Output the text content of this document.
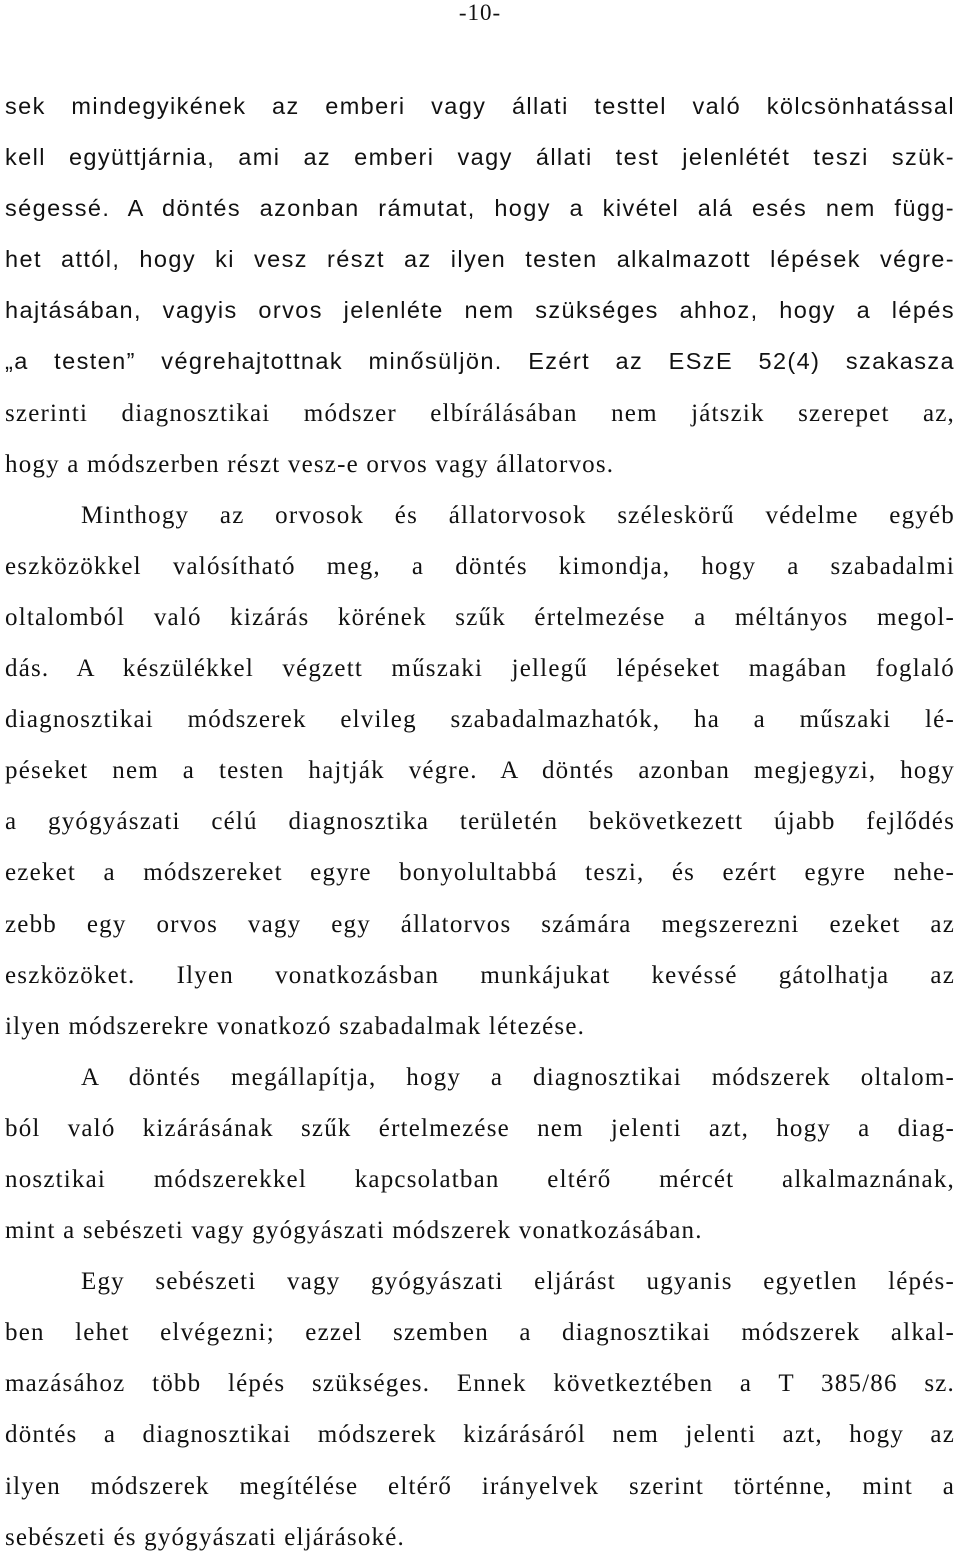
-10-
sek mindegyikének az emberi vagy állati testtel való kölcsönhatással
kell együttjárnia, ami az emberi vagy állati test jelenlétét teszi szük-
ségessé. A döntés azonban rámutat, hogy a kivétel alá esés nem függ-
het attól, hogy ki vesz részt az ilyen testen alkalmazott lépések végre-
hajtásában, vagyis orvos jelenléte nem szükséges ahhoz, hogy a lépés
„a testen” végrehajtottnak minősüljön. Ezért az ESzE 52(4) szakasza
szerinti diagnosztikai módszer elbírálásában nem játszik szerepet az,
hogy a módszerben részt vesz-e orvos vagy állatorvos.
Minthogy az orvosok és állatorvosok széleskörű védelme egyéb
eszközökkel valósítható meg, a döntés kimondja, hogy a szabadalmi
oltalomból való kizárás körének szűk értelmezése a méltányos megol-
dás. A készülékkel végzett műszaki jellegű lépéseket magában foglaló
diagnosztikai módszerek elvileg szabadalmazhatók, ha a műszaki lé-
péseket nem a testen hajtják végre. A döntés azonban megjegyzi, hogy
a gyógyászati célú diagnosztika területén bekövetkezett újabb fejlődés
ezeket a módszereket egyre bonyolultabbá teszi, és ezért egyre nehe-
zebb egy orvos vagy egy állatorvos számára megszerezni ezeket az
eszközöket. Ilyen vonatkozásban munkájukat kevéssé gátolhatja az
ilyen módszerekre vonatkozó szabadalmak létezése.
A döntés megállapítja, hogy a diagnosztikai módszerek oltalom-
ból való kizárásának szűk értelmezése nem jelenti azt, hogy a diag-
nosztikai módszerekkel kapcsolatban eltérő mércét alkalmaznának,
mint a sebészeti vagy gyógyászati módszerek vonatkozásában.
Egy sebészeti vagy gyógyászati eljárást ugyanis egyetlen lépés-
ben lehet elvégezni; ezzel szemben a diagnosztikai módszerek alkal-
mazásához több lépés szükséges. Ennek következtében a T 385/86 sz.
döntés a diagnosztikai módszerek kizárásáról nem jelenti azt, hogy az
ilyen módszerek megítélése eltérő irányelvek szerint történne, mint a
sebészeti és gyógyászati eljárásoké.
